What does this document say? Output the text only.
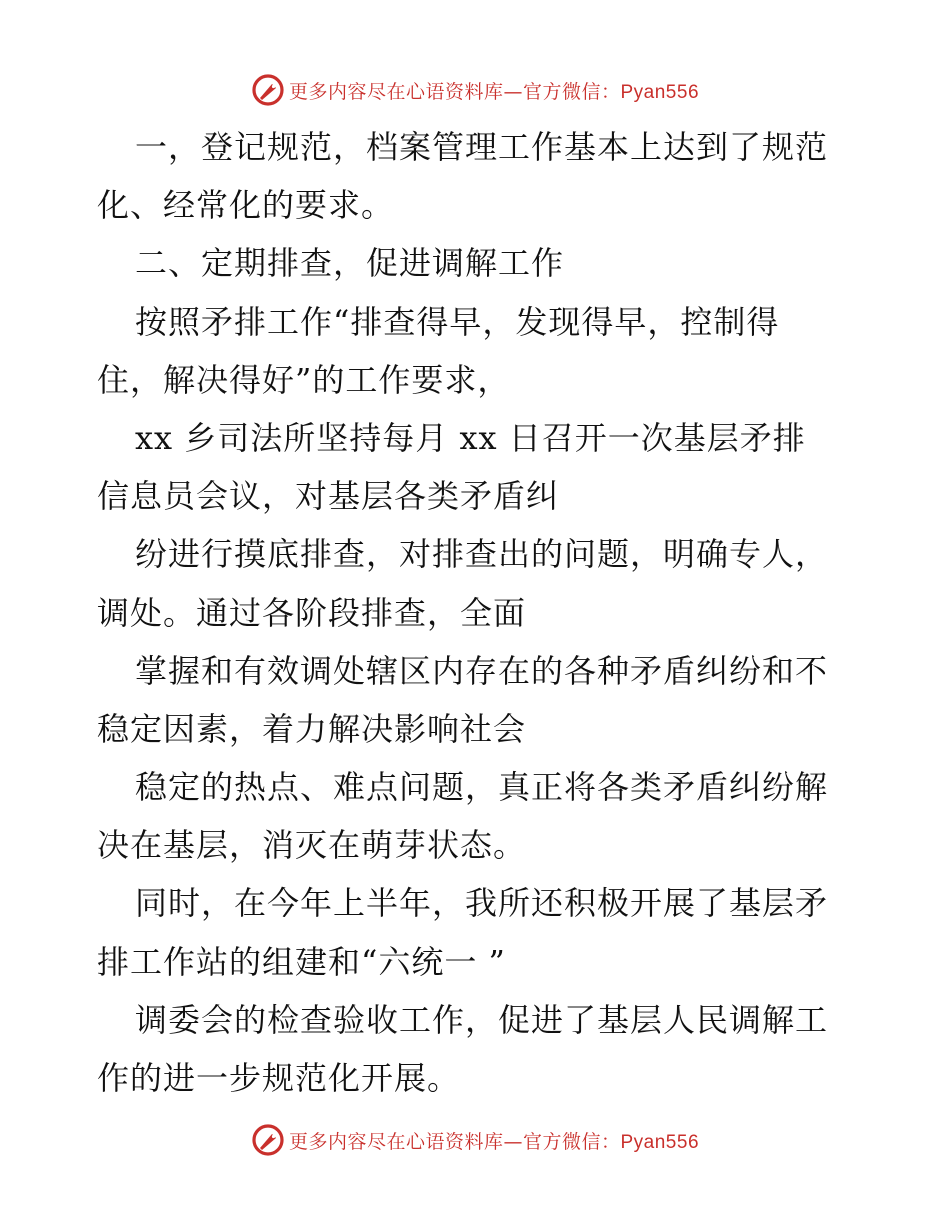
更多内容尽在心语资料库—官方微信：Pyan556
一，登记规范，档案管理工作基本上达到了规范
化、经常化的要求。
二、定期排查，促进调解工作
按照矛排工作“排查得早，发现得早，控制得
住，解决得好”的工作要求，
xx 乡司法所坚持每月 xx 日召开一次基层矛排
信息员会议，对基层各类矛盾纠
纷进行摸底排查，对排查出的问题，明确专人，
调处。通过各阶段排查，全面
掌握和有效调处辖区内存在的各种矛盾纠纷和不
稳定因素，着力解决影响社会
稳定的热点、难点问题，真正将各类矛盾纠纷解
决在基层，消灭在萌芽状态。
同时，在今年上半年，我所还积极开展了基层矛
排工作站的组建和“六统一 ”
调委会的检查验收工作，促进了基层人民调解工
作的进一步规范化开展。
更多内容尽在心语资料库—官方微信：Pyan556
